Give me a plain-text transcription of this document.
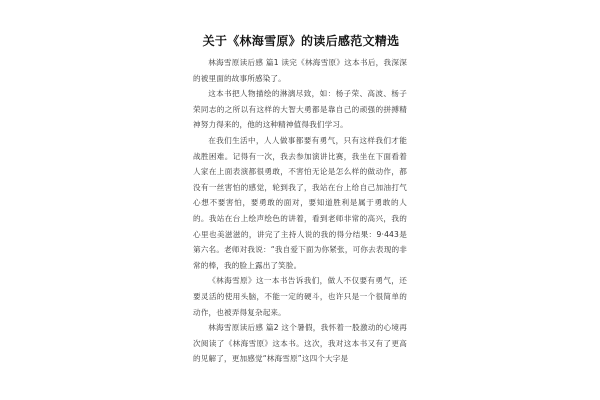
关于《林海雪原》的读后感范文精选

林海雪原读后感 篇1 读完《林海雪原》这本书后，我深深的被里面的故事所感染了。

这本书把人物描绘的淋漓尽致，如：杨子荣、高波、杨子荣同志的之所以有这样的大智大勇都是靠自己的顽强的拼搏精神努力得来的，他的这种精神值得我们学习。

在我们生活中，人人做事都要有勇气，只有这样我们才能战胜困难。记得有一次，我去参加演讲比赛，我坐在下面看着人家在上面表演都很勇敢，不害怕无论是怎么样的做动作，都没有一丝害怕的感觉，轮到我了，我站在台上给自己加油打气心想不要害怕，要勇敢的面对，要知道胜利是属于勇敢的人的。我站在台上绘声绘色的讲着，看到老师非常的高兴，我的心里也美滋滋的，讲完了主持人说的我的得分结果：9·443是第六名。老师对我说：“我自爱下面为你紧张，可你去表现的非常的棒，我的脸上露出了笑脸。

《林海雪原》这一本书告诉我们，做人不仅要有勇气，还要灵活的使用头脑，不能一定的硬斗，也许只是一个很简单的动作，也被弄得复杂起来。

林海雪原读后感 篇2 这个暑假，我怀着一股激动的心境再次阅读了《林海雪原》这本书。这次，我对这本书又有了更高的见解了，更加感觉“林海雪原”这四个大字是
